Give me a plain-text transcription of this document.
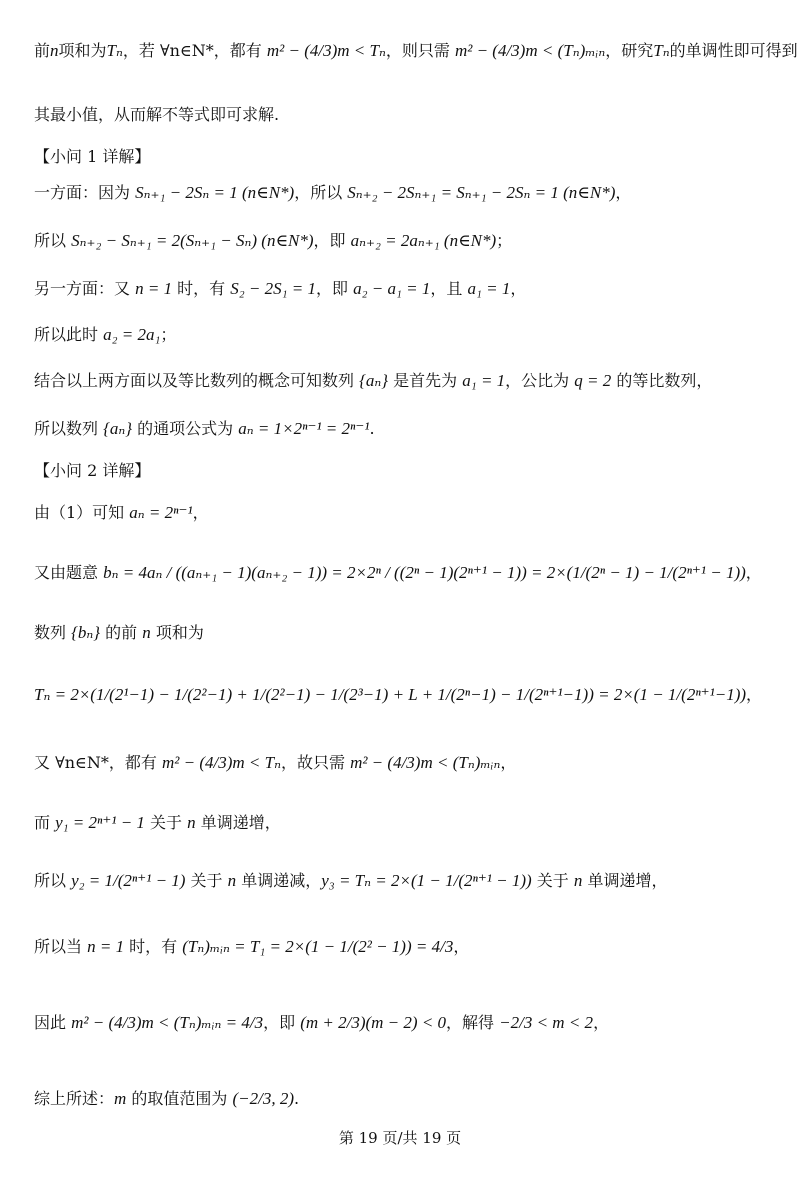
前n项和为Tₙ，若 ∀n∈N*，都有 m² − (4/3)m < Tₙ，则只需 m² − (4/3)m < (Tₙ)ₘᵢₙ，研究Tₙ的单调性即可得到
其最小值，从而解不等式即可求解.
【小问 1 详解】
一方面：因为 Sₙ₊₁ − 2Sₙ = 1 (n∈N*)，所以 Sₙ₊₂ − 2Sₙ₊₁ = Sₙ₊₁ − 2Sₙ = 1 (n∈N*)，
所以 Sₙ₊₂ − Sₙ₊₁ = 2(Sₙ₊₁ − Sₙ) (n∈N*)，即 aₙ₊₂ = 2aₙ₊₁ (n∈N*)；
另一方面：又 n = 1 时，有 S₂ − 2S₁ = 1，即 a₂ − a₁ = 1，且 a₁ = 1，
所以此时 a₂ = 2a₁；
结合以上两方面以及等比数列的概念可知数列 {aₙ} 是首先为 a₁ = 1，公比为 q = 2 的等比数列，
所以数列 {aₙ} 的通项公式为 aₙ = 1×2ⁿ⁻¹ = 2ⁿ⁻¹.
【小问 2 详解】
由（1）可知 aₙ = 2ⁿ⁻¹，
又由题意 bₙ = 4aₙ / ((aₙ₊₁ − 1)(aₙ₊₂ − 1)) = 2×2ⁿ / ((2ⁿ − 1)(2ⁿ⁺¹ − 1)) = 2×(1/(2ⁿ − 1) − 1/(2ⁿ⁺¹ − 1))，
数列 {bₙ} 的前 n 项和为
Tₙ = 2×(1/(2¹−1) − 1/(2²−1) + 1/(2²−1) − 1/(2³−1) + L + 1/(2ⁿ−1) − 1/(2ⁿ⁺¹−1)) = 2×(1 − 1/(2ⁿ⁺¹−1))，
又 ∀n∈N*，都有 m² − (4/3)m < Tₙ，故只需 m² − (4/3)m < (Tₙ)ₘᵢₙ，
而 y₁ = 2ⁿ⁺¹ − 1 关于 n 单调递增，
所以 y₂ = 1/(2ⁿ⁺¹ − 1) 关于 n 单调递减，y₃ = Tₙ = 2×(1 − 1/(2ⁿ⁺¹ − 1)) 关于 n 单调递增，
所以当 n = 1 时，有 (Tₙ)ₘᵢₙ = T₁ = 2×(1 − 1/(2² − 1)) = 4/3，
因此 m² − (4/3)m < (Tₙ)ₘᵢₙ = 4/3，即 (m + 2/3)(m − 2) < 0，解得 −2/3 < m < 2，
综上所述：m 的取值范围为 (−2/3, 2).
第 19 页/共 19 页
